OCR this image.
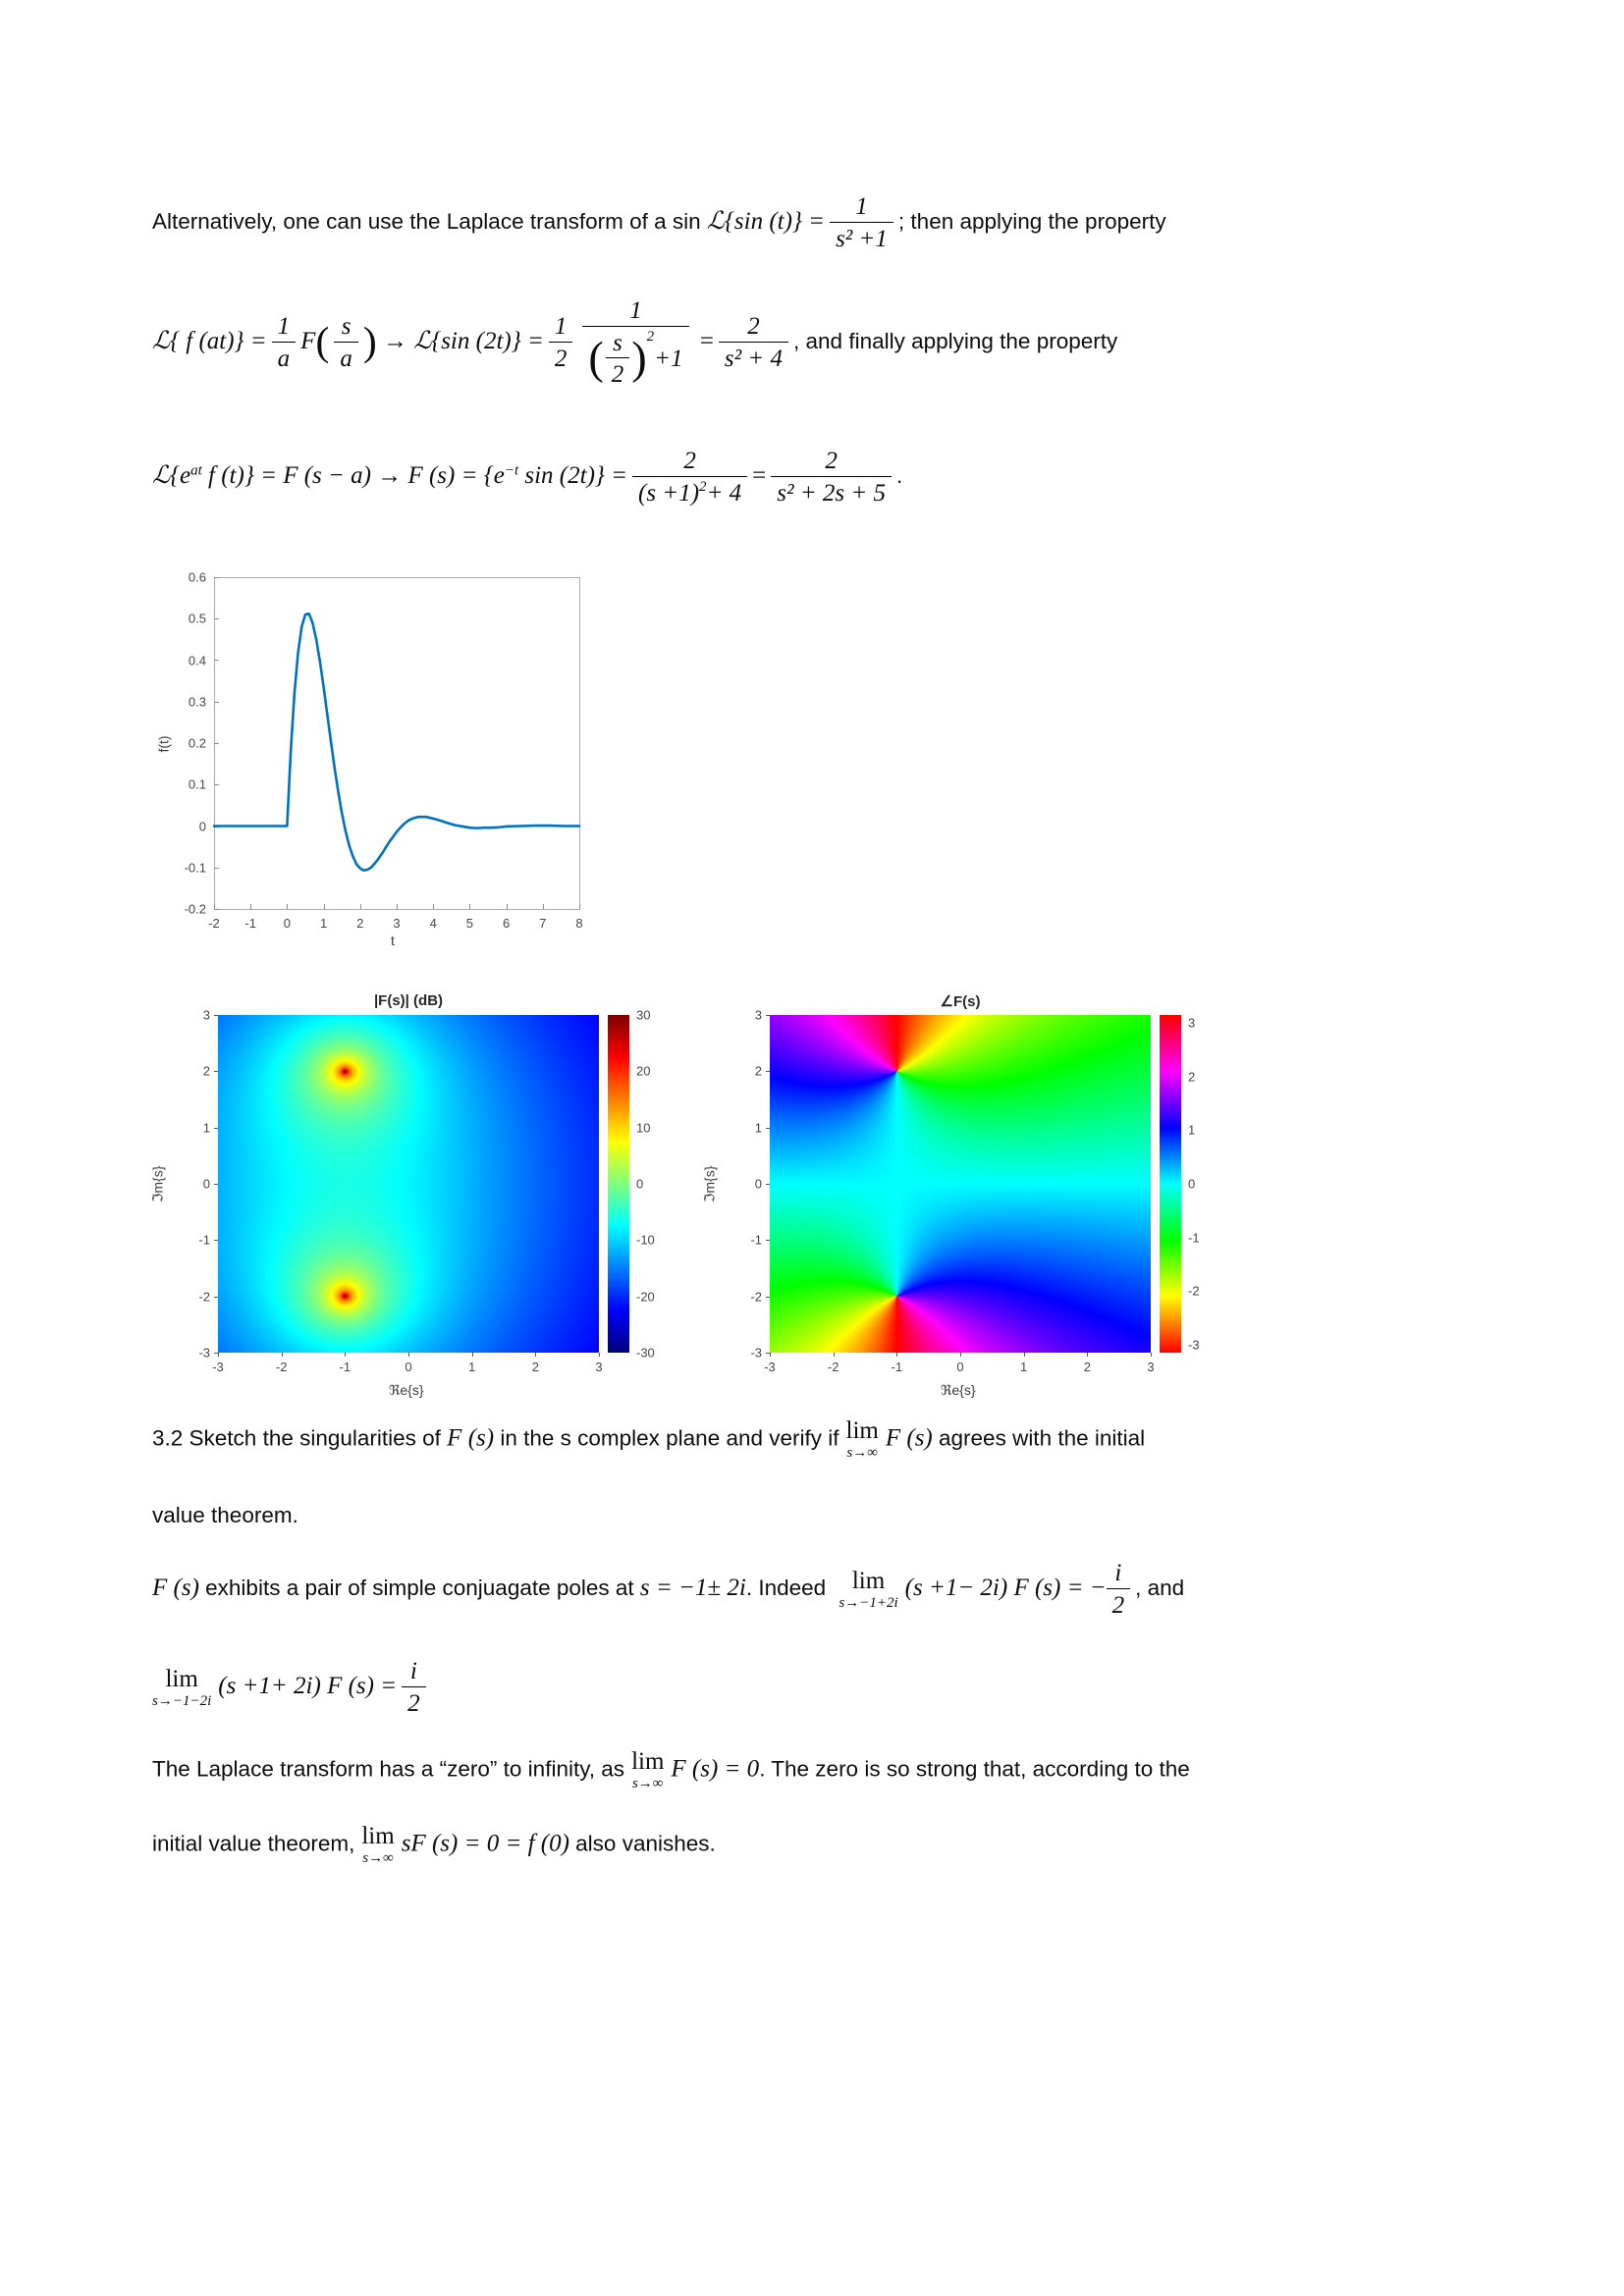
Alternatively, one can use the Laplace transform of a sin ℒ{sin $(t)\} = \frac{1}{\text{s² +1}}$ ; then applying the property
ℒ{ f $(at)\} = \frac{1}{a} F( \frac{s}{a}$ ) → ℒ{sin $(2t)\} = \frac{1}{2} 1$
( $\frac{s}{2} )^2$
$+1 = \frac{2}{\text{s² + 4}}$ , and finally applying the property
$ℒ\{e^{at}$ f (t)} = F (s − a) → F $(s) = \{e^{-t}$ $\sin (2t)\} = \frac{2}{(s +1)^2 + 4} = \frac{2}{\text{s² + 2s + 5}}$ .
t
f(t)
-2 -1 0 1 2 3 4 5 6 7 8
-0.2
-0.1
0
0.1
0.2
0.3
0.4
0.5
0.6
|F(s)| (dB)
ℜe{s}
ℑm{s}
-3	-2	-1	0	1	2	3
3
2
1
0
-1
-2
-3
30
20
10
0
-10
-20
-30
∠F(s)
ℜe{s}
ℑm{s}
-3	-2	-1	0	1	2	3
3
2
1
0
-1
-2
-3
3
2
1
0
-1
-2
-3
3.2 Sketch the singularities of F (s) in the s complex plane and verify if lim
s→∞
F (s) agrees with the initial
value theorem.
F (s) exhibits a pair of simple conjuagate poles at s = −1± 2i. Indeed lim
s→−1+2i
(s +1− 2i) F (s) = − $\frac{i}{2}$ , and
lim
s→−1−2i
(s +1+ 2i) F $(s) = \frac{i}{2}$
The Laplace transform has a “zero” to infinity, as lim
s→∞
F (s) = 0. The zero is so strong that, according to the
initial value theorem, lim
s→∞
sF (s) = 0 = f (0) also vanishes.
